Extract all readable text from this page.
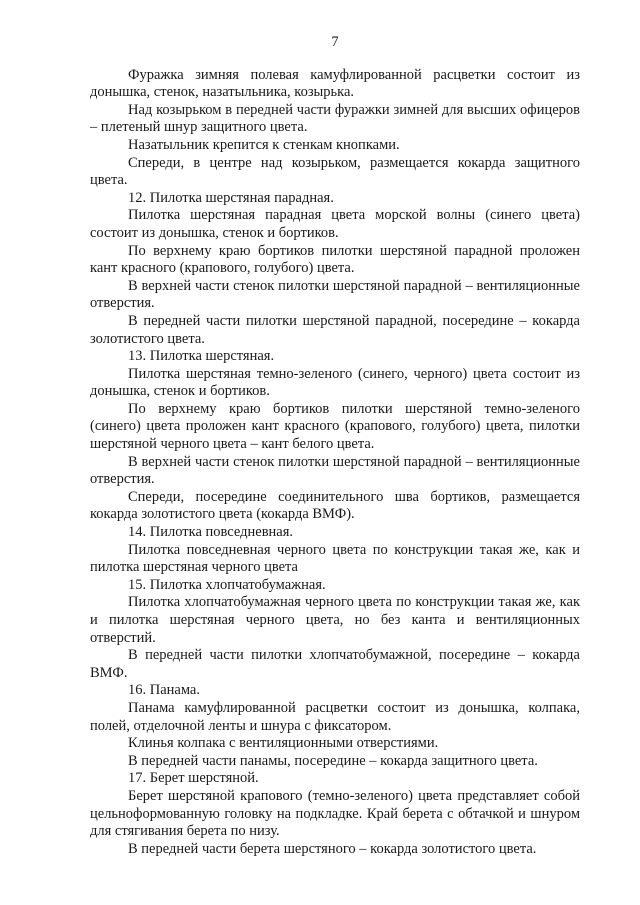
7

Фуражка зимняя полевая камуфлированной расцветки состоит из донышка, стенок, назатыльника, козырька.

Над козырьком в передней части фуражки зимней для высших офицеров – плетеный шнур защитного цвета.

Назатыльник крепится к стенкам кнопками.

Спереди, в центре над козырьком, размещается кокарда защитного цвета.

12. Пилотка шерстяная парадная.

Пилотка шерстяная парадная цвета морской волны (синего цвета) состоит из донышка, стенок и бортиков.

По верхнему краю бортиков пилотки шерстяной парадной проложен кант красного (крапового, голубого) цвета.

В верхней части стенок пилотки шерстяной парадной – вентиляционные отверстия.

В передней части пилотки шерстяной парадной, посередине – кокарда золотистого цвета.

13. Пилотка шерстяная.

Пилотка шерстяная темно-зеленого (синего, черного) цвета состоит из донышка, стенок и бортиков.

По верхнему краю бортиков пилотки шерстяной темно-зеленого (синего) цвета проложен кант красного (крапового, голубого) цвета, пилотки шерстяной черного цвета – кант белого цвета.

В верхней части стенок пилотки шерстяной парадной – вентиляционные отверстия.

Спереди, посередине соединительного шва бортиков, размещается кокарда золотистого цвета (кокарда ВМФ).

14. Пилотка повседневная.

Пилотка повседневная черного цвета по конструкции такая же, как и пилотка шерстяная черного цвета

15. Пилотка хлопчатобумажная.

Пилотка хлопчатобумажная черного цвета по конструкции такая же, как и пилотка шерстяная черного цвета, но без канта и вентиляционных отверстий.

В передней части пилотки хлопчатобумажной, посередине – кокарда ВМФ.

16. Панама.

Панама камуфлированной расцветки состоит из донышка, колпака, полей, отделочной ленты и шнура с фиксатором.

Клинья колпака с вентиляционными отверстиями.

В передней части панамы, посередине – кокарда защитного цвета.

17. Берет шерстяной.

Берет шерстяной крапового (темно-зеленого) цвета представляет собой цельноформованную головку на подкладке. Край берета с обтачкой и шнуром для стягивания берета по низу.

В передней части берета шерстяного – кокарда золотистого цвета.
